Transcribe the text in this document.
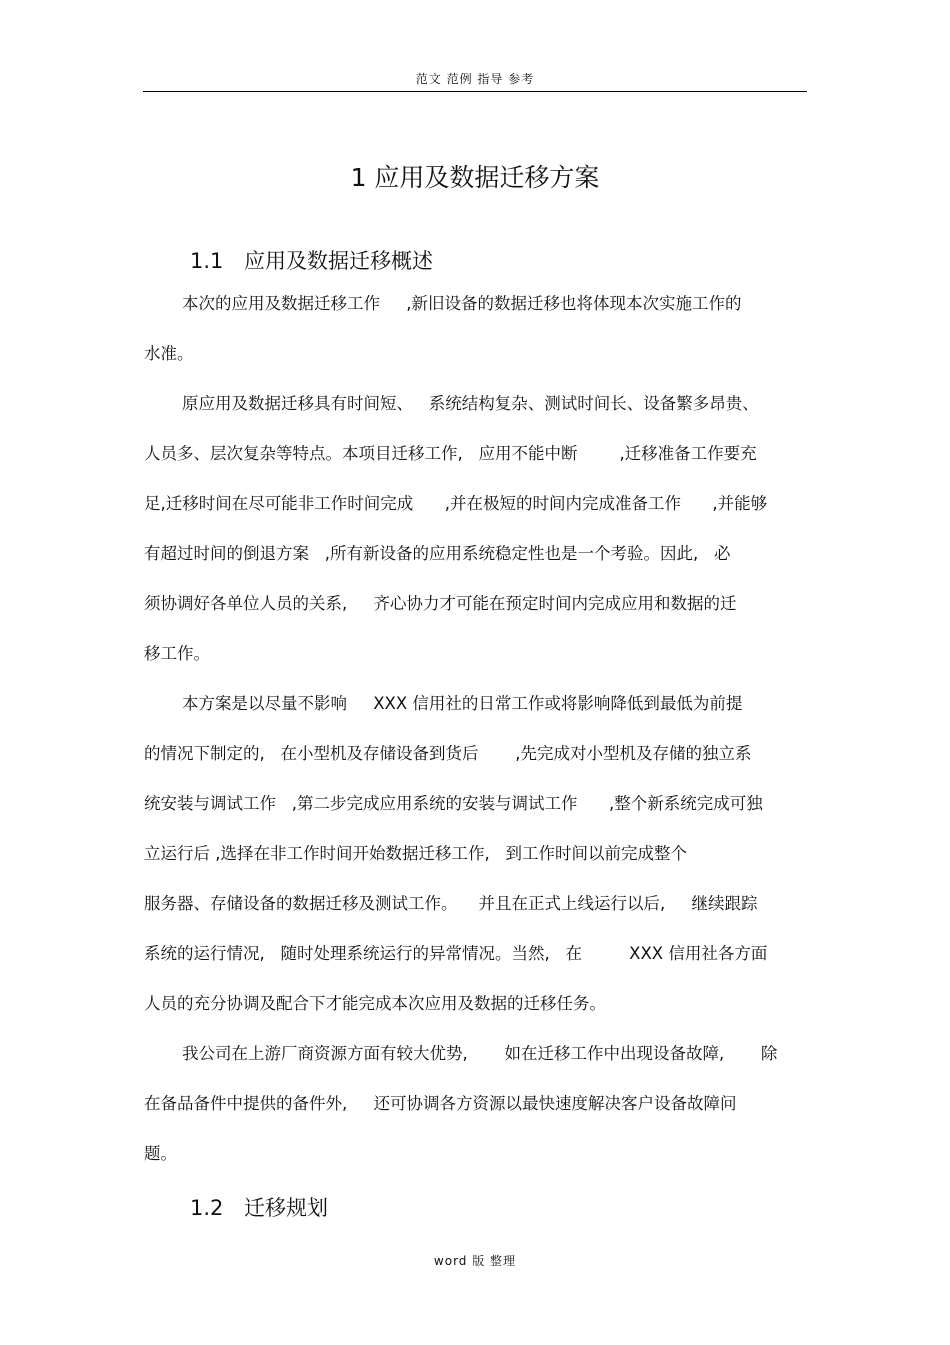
范文 范例 指导 参考
1 应用及数据迁移方案
1.1 应用及数据迁移概述

本次的应用及数据迁移工作     ,新旧设备的数据迁移也将体现本次实施工作的

水准。

原应用及数据迁移具有时间短、   系统结构复杂、测试时间长、设备繁多昂贵、

人员多、层次复杂等特点。本项目迁移工作,   应用不能中断        ,迁移准备工作要充

足,迁移时间在尽可能非工作时间完成      ,并在极短的时间内完成准备工作      ,并能够

有超过时间的倒退方案   ,所有新设备的应用系统稳定性也是一个考验。因此,   必

须协调好各单位人员的关系,     齐心协力才可能在预定时间内完成应用和数据的迁

移工作。

本方案是以尽量不影响     XXX 信用社的日常工作或将影响降低到最低为前提

的情况下制定的,   在小型机及存储设备到货后       ,先完成对小型机及存储的独立系

统安装与调试工作   ,第二步完成应用系统的安装与调试工作      ,整个新系统完成可独

立运行后 ,选择在非工作时间开始数据迁移工作,   到工作时间以前完成整个

服务器、存储设备的数据迁移及测试工作。    并且在正式上线运行以后,     继续跟踪

系统的运行情况,   随时处理系统运行的异常情况。当然,   在         XXX 信用社各方面

人员的充分协调及配合下才能完成本次应用及数据的迁移任务。

我公司在上游厂商资源方面有较大优势,       如在迁移工作中出现设备故障,       除

在备品备件中提供的备件外,     还可协调各方资源以最快速度解决客户设备故障问

题。

1.2 迁移规划
word 版 整理
